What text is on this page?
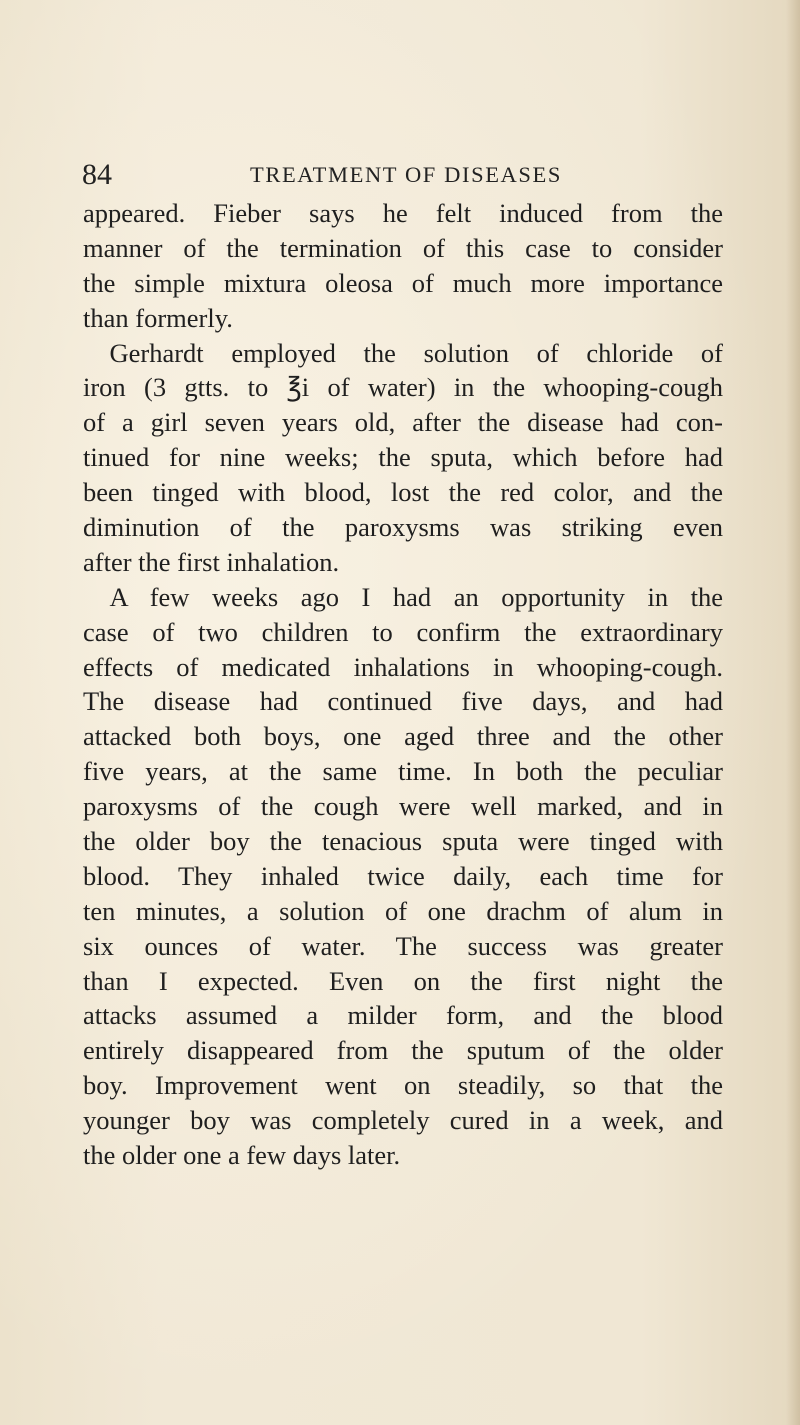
84	TREATMENT OF DISEASES
appeared. Fieber says he felt induced from the
manner of the termination of this case to consider
the simple mixtura oleosa of much more importance
than formerly.
Gerhardt employed the solution of chloride of
iron (3 gtts. to ℥i of water) in the whooping-cough
of a girl seven years old, after the disease had con-
tinued for nine weeks; the sputa, which before had
been tinged with blood, lost the red color, and the
diminution of the paroxysms was striking even
after the first inhalation.
A few weeks ago I had an opportunity in the
case of two children to confirm the extraordinary
effects of medicated inhalations in whooping-cough.
The disease had continued five days, and had
attacked both boys, one aged three and the other
five years, at the same time. In both the peculiar
paroxysms of the cough were well marked, and in
the older boy the tenacious sputa were tinged with
blood. They inhaled twice daily, each time for
ten minutes, a solution of one drachm of alum in
six ounces of water. The success was greater
than I expected. Even on the first night the
attacks assumed a milder form, and the blood
entirely disappeared from the sputum of the older
boy. Improvement went on steadily, so that the
younger boy was completely cured in a week, and
the older one a few days later.
